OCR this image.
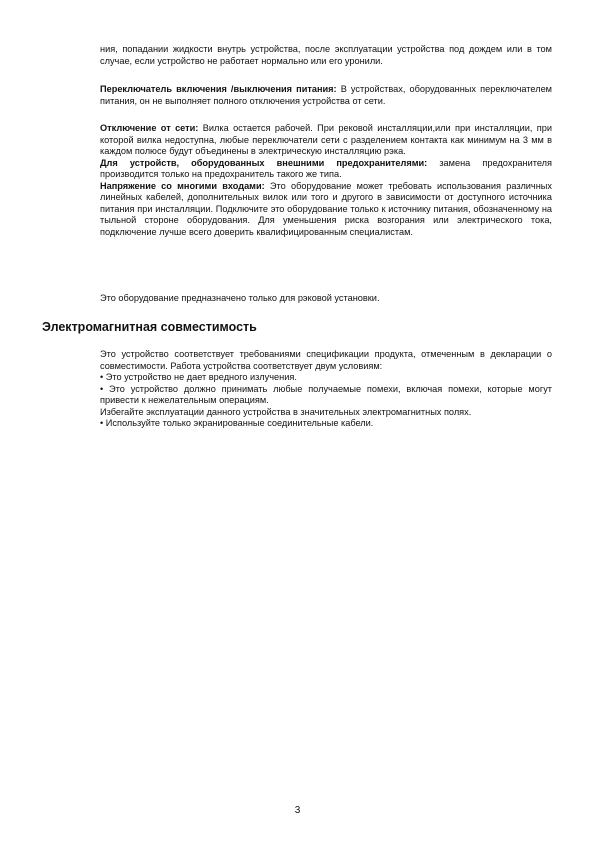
ния, попадании жидкости внутрь устройства, после эксплуатации устройства под дождем или в том случае, если устройство не работает нормально или его уронили.

Переключатель включения /выключения питания: В устройствах, оборудованных переключателем питания, он не выполняет полного отключения устройства от сети.

Отключение от сети: Вилка остается рабочей. При рековой инсталляции,или при инсталляции, при которой вилка недоступна, любые переключатели сети с разделением контакта как минимум на 3 мм в каждом полюсе будут объединены в электрическую инсталляцию рэка.

Для устройств, оборудованных внешними предохранителями: замена предохранителя производится только на предохранитель такого же типа.

Напряжение со многими входами: Это оборудование может требовать использования различных линейных кабелей, дополнительных вилок или того и другого в зависимости от доступного источника питания при инсталляции. Подключите это оборудование только к источнику питания, обозначенному на тыльной стороне оборудования. Для уменьшения риска возгорания или электрического тока, подключение лучше всего доверить квалифицированным специалистам.

Это оборудование предназначено только для рэковой установки.

Электромагнитная совместимость

Это устройство соответствует требованиями спецификации продукта, отмеченным в декларации о совместимости. Работа устройства соответствует двум условиям:

• Это устройство не дает вредного излучения.

• Это устройство должно принимать любые получаемые помехи, включая помехи, которые могут привести к нежелательным операциям.

Избегайте эксплуатации данного устройства в значительных электромагнитных полях.

• Используйте только экранированные соединительные кабели.

3
